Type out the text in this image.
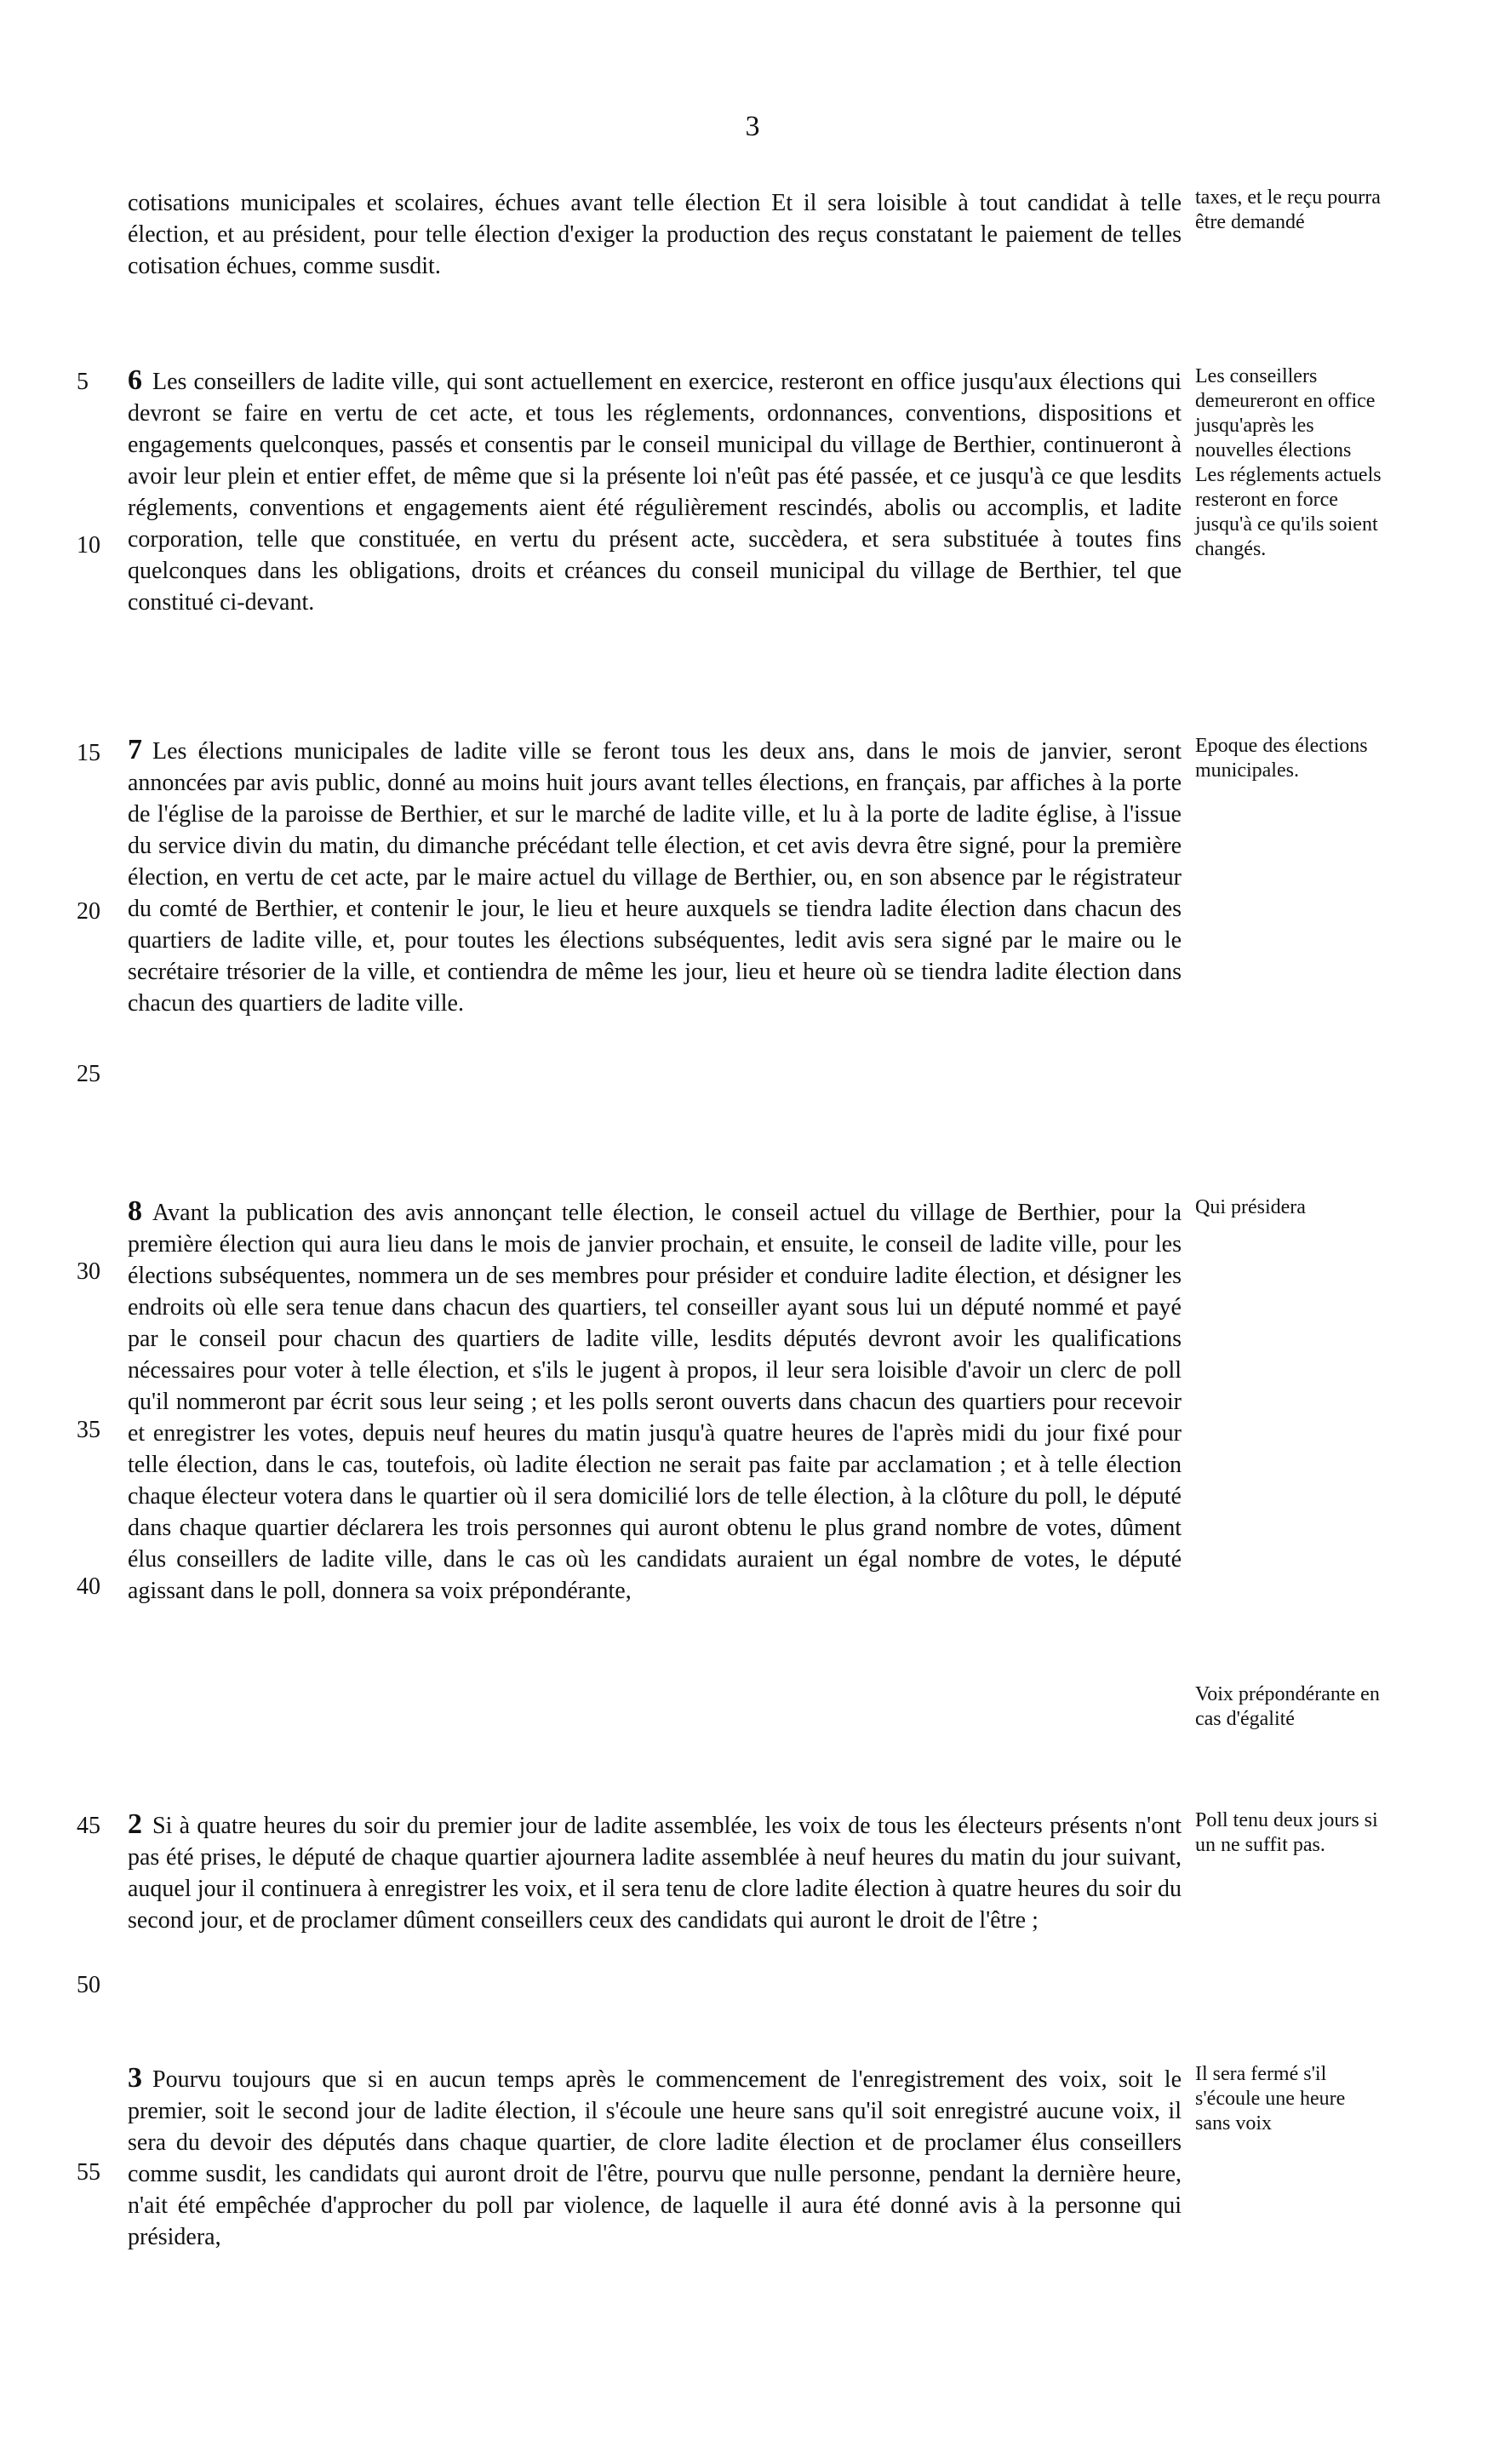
3

cotisations municipales et scolaires, échues avant telle élection Et il sera loisible à tout candidat à telle élection, et au président, pour telle élection d'exiger la production des reçus constatant le paiement de telles cotisation échues, comme susdit.

taxes, et le reçu pourra être demandé

6 Les conseillers de ladite ville, qui sont actuellement en exercice, resteront en office jusqu'aux élections qui devront se faire en vertu de cet acte, et tous les réglements, ordonnances, conventions, dispositions et engagements quelconques, passés et consentis par le conseil municipal du village de Berthier, continueront à avoir leur plein et entier effet, de même que si la présente loi n'eût pas été passée, et ce jusqu'à ce que lesdits réglements, conventions et engagements aient été régulièrement rescindés, abolis ou accomplis, et ladite corporation, telle que constituée, en vertu du présent acte, succèdera, et sera substituée à toutes fins quelconques dans les obligations, droits et créances du conseil municipal du village de Berthier, tel que constitué ci-devant.

Les conseillers demeureront en office jusqu'après les nouvelles élections Les réglements actuels resteront en force jusqu'à ce qu'ils soient changés.

7 Les élections municipales de ladite ville se feront tous les deux ans, dans le mois de janvier, seront annoncées par avis public, donné au moins huit jours avant telles élections, en français, par affiches à la porte de l'église de la paroisse de Berthier, et sur le marché de ladite ville, et lu à la porte de ladite église, à l'issue du service divin du matin, du dimanche précédant telle élection, et cet avis devra être signé, pour la première élection, en vertu de cet acte, par le maire actuel du village de Berthier, ou, en son absence par le régistrateur du comté de Berthier, et contenir le jour, le lieu et heure auxquels se tiendra ladite élection dans chacun des quartiers de ladite ville, et, pour toutes les élections subséquentes, ledit avis sera signé par le maire ou le secrétaire trésorier de la ville, et contiendra de même les jour, lieu et heure où se tiendra ladite élection dans chacun des quartiers de ladite ville.

Epoque des élections municipales.

8 Avant la publication des avis annonçant telle élection, le conseil actuel du village de Berthier, pour la première élection qui aura lieu dans le mois de janvier prochain, et ensuite, le conseil de ladite ville, pour les élections subséquentes, nommera un de ses membres pour présider et conduire ladite élection, et désigner les endroits où elle sera tenue dans chacun des quartiers, tel conseiller ayant sous lui un député nommé et payé par le conseil pour chacun des quartiers de ladite ville, lesdits députés devront avoir les qualifications nécessaires pour voter à telle élection, et s'ils le jugent à propos, il leur sera loisible d'avoir un clerc de poll qu'il nommeront par écrit sous leur seing ; et les polls seront ouverts dans chacun des quartiers pour recevoir et enregistrer les votes, depuis neuf heures du matin jusqu'à quatre heures de l'après midi du jour fixé pour telle élection, dans le cas, toutefois, où ladite élection ne serait pas faite par acclamation ; et à telle élection chaque électeur votera dans le quartier où il sera domicilié lors de telle élection, à la clôture du poll, le député dans chaque quartier déclarera les trois personnes qui auront obtenu le plus grand nombre de votes, dûment élus conseillers de ladite ville, dans le cas où les candidats auraient un égal nombre de votes, le député agissant dans le poll, donnera sa voix prépondérante,

Qui présidera

Voix prépondérante en cas d'égalité

2 Si à quatre heures du soir du premier jour de ladite assemblée, les voix de tous les électeurs présents n'ont pas été prises, le député de chaque quartier ajournera ladite assemblée à neuf heures du matin du jour suivant, auquel jour il continuera à enregistrer les voix, et il sera tenu de clore ladite élection à quatre heures du soir du second jour, et de proclamer dûment conseillers ceux des candidats qui auront le droit de l'être ;

Poll tenu deux jours si un ne suffit pas.

3 Pourvu toujours que si en aucun temps après le commencement de l'enregistrement des voix, soit le premier, soit le second jour de ladite élection, il s'écoule une heure sans qu'il soit enregistré aucune voix, il sera du devoir des députés dans chaque quartier, de clore ladite élection et de proclamer élus conseillers comme susdit, les candidats qui auront droit de l'être, pourvu que nulle personne, pendant la dernière heure, n'ait été empêchée d'approcher du poll par violence, de laquelle il aura été donné avis à la personne qui présidera,

Il sera fermé s'il s'écoule une heure sans voix

5
10
15
20
25
30
35
40
45
50
55
